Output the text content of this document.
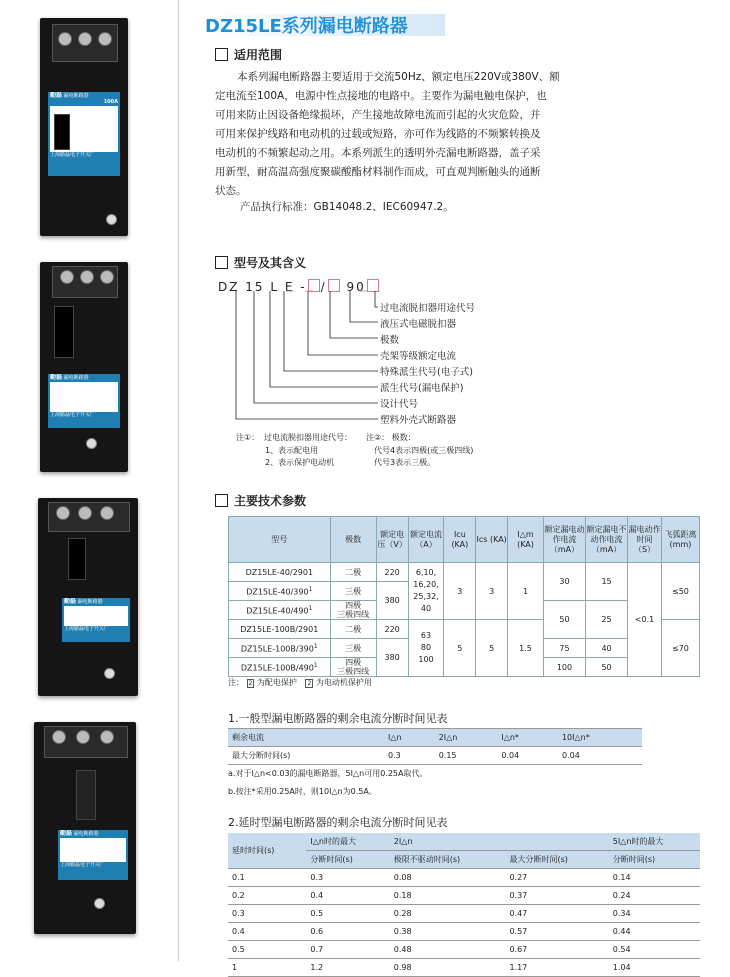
勤磊 漏电断路器
100A
上海勤磊电子开关厂
勤磊 漏电断路器
上海勤磊电子开关厂
勤磊 漏电断路器
上海勤磊电子开关厂
勤磊 漏电断路器
上海勤磊电子开关厂
DZ15LE系列漏电断路器
适用范围
本系列漏电断路器主要适用于交流50Hz、额定电压220V或380V、额
定电流至100A，电源中性点接地的电路中。主要作为漏电触电保护，也
可用来防止因设备绝缘损坏，产生接地故障电流而引起的火灾危险，并
可用来保护线路和电动机的过载或短路，亦可作为线路的不频繁转换及
电动机的不频繁起动之用。本系列派生的透明外壳漏电断路器，盖子采
用新型，耐高温高强度聚碳酸酯材料制作而成，可直观判断触头的通断
状态。
产品执行标准：GB14048.2、IEC60947.2。
型号及其含义
DZ 15 L E - / 90
过电流脱扣器用途代号
液压式电磁脱扣器
极数
壳架等级额定电流
特殊派生代号(电子式)
派生代号(漏电保护)
设计代号
塑料外壳式断路器
注①： 过电流脱扣器用途代号：
1、表示配电用
2、表示保护电动机
注②： 极数：
代号4表示四极(或三极四线)
代号3表示三极。
主要技术参数
型号	极数	额定电压（V）	额定电流（A）	Icu (KA)	Ics (KA)	I△m (KA)	额定漏电动作电流（mA）	额定漏电不动作电流（mA）	漏电动作时间（S）	飞弧距离(mm)
DZ15LE-40/2901	二极	220	6,10,
16,20,
25,32,
40	3	3	1	30	15	<0.1	≤50
$DZ15LE-40/390^1$	三极	380								
$DZ15LE-40/490^1$	四极
三极四线						50	25		
DZ15LE-100B/2901	二极	220	63
80
100	5	5	1.5				≤70
$DZ15LE-100B/390^1$	三极	380					75	40		
$DZ15LE-100B/490^1$	四极
三极四线						100	50		
注： 2 为配电保护 2 为电动机保护用
1.一般型漏电断路器的剩余电流分断时间见表
剩余电流	I△n	2I△n	I△n*	10I△n*
最大分断时间(s)	0.3	0.15	0.04	0.04
a.对于I△n<0.03的漏电断路器，5I△n可用0.25A取代。
b.按注*采用0.25A时，则10I△n为0.5A。
2.延时型漏电断路器的剩余电流分断时间见表
延时时间(s)	I△n时的最大	2I△n		5I△n时的最大
	分断时间(s)	极限不驱动时间(s)	最大分断时间(s)	分断时间(s)
0.1	0.3	0.08	0.27	0.14
0.2	0.4	0.18	0.37	0.24
0.3	0.5	0.28	0.47	0.34
0.4	0.6	0.38	0.57	0.44
0.5	0.7	0.48	0.67	0.54
1	1.2	0.98	1.17	1.04
